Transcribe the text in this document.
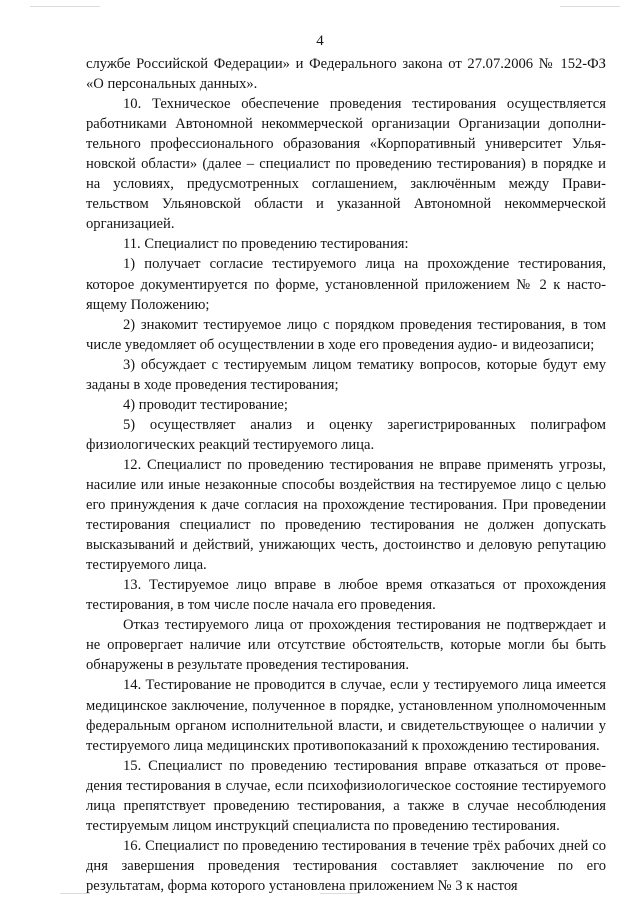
4

службе Российской Федерации» и Федерального закона от 27.07.2006 № 152-ФЗ «О персональных данных».

10. Техническое обеспечение проведения тестирования осуществляется работниками Автономной некоммерческой организации Организации дополнительного профессионального образования «Корпоративный университет Ульяновской области» (далее – специалист по проведению тестирования) в порядке и на условиях, предусмотренных соглашением, заключённым между Правительством Ульяновской области и указанной Автономной некоммерческой организацией.

11. Специалист по проведению тестирования:

1) получает согласие тестируемого лица на прохождение тестирования, которое документируется по форме, установленной приложением № 2 к настоящему Положению;

2) знакомит тестируемое лицо с порядком проведения тестирования, в том числе уведомляет об осуществлении в ходе его проведения аудио- и видеозаписи;

3) обсуждает с тестируемым лицом тематику вопросов, которые будут ему заданы в ходе проведения тестирования;

4) проводит тестирование;

5) осуществляет анализ и оценку зарегистрированных полиграфом физиологических реакций тестируемого лица.

12. Специалист по проведению тестирования не вправе применять угрозы, насилие или иные незаконные способы воздействия на тестируемое лицо с целью его принуждения к даче согласия на прохождение тестирования. При проведении тестирования специалист по проведению тестирования не должен допускать высказываний и действий, унижающих честь, достоинство и деловую репутацию тестируемого лица.

13. Тестируемое лицо вправе в любое время отказаться от прохождения тестирования, в том числе после начала его проведения.

Отказ тестируемого лица от прохождения тестирования не подтверждает и не опровергает наличие или отсутствие обстоятельств, которые могли бы быть обнаружены в результате проведения тестирования.

14. Тестирование не проводится в случае, если у тестируемого лица имеется медицинское заключение, полученное в порядке, установленном уполномоченным федеральным органом исполнительной власти, и свидетельствующее о наличии у тестируемого лица медицинских противопоказаний к прохождению тестирования.

15. Специалист по проведению тестирования вправе отказаться от проведения тестирования в случае, если психофизиологическое состояние тестируемого лица препятствует проведению тестирования, а также в случае несоблюдения тестируемым лицом инструкций специалиста по проведению тестирования.

16. Специалист по проведению тестирования в течение трёх рабочих дней со дня завершения проведения тестирования составляет заключение по его результатам, форма которого установлена приложением № 3 к настоя
